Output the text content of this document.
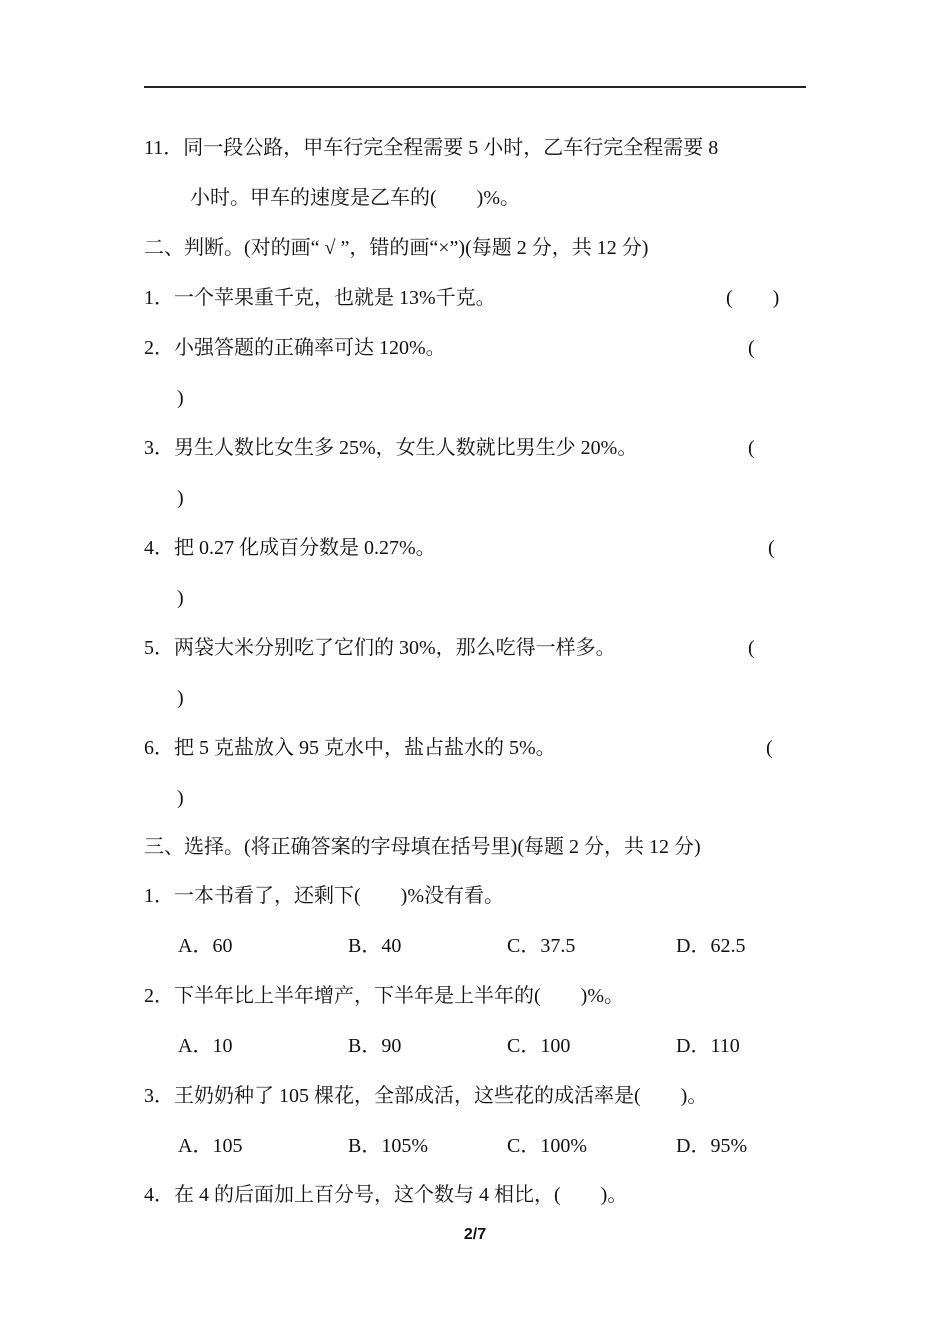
11．同一段公路，甲车行完全程需要 5 小时，乙车行完全程需要 8
小时。甲车的速度是乙车的(　　)%。
二、判断。(对的画“ √ ”，错的画“×”)(每题 2 分，共 12 分)
1．一个苹果重千克，也就是 13%千克。	(　　)
2．小强答题的正确率可达 120%。	(
)
3．男生人数比女生多 25%，女生人数就比男生少 20%。	(
)
4．把 0.27 化成百分数是 0.27%。	(
)
5．两袋大米分别吃了它们的 30%，那么吃得一样多。	(
)
6．把 5 克盐放入 95 克水中，盐占盐水的 5%。	(
)
三、选择。(将正确答案的字母填在括号里)(每题 2 分，共 12 分)
1．一本书看了，还剩下(　　)%没有看。
A．60	B．40	C．37.5	D．62.5
2．下半年比上半年增产，下半年是上半年的(　　)%。
A．10	B．90	C．100	D．110
3．王奶奶种了 105 棵花，全部成活，这些花的成活率是(　　)。
A．105	B．105%	C．100%	D．95%
4．在 4 的后面加上百分号，这个数与 4 相比，(　　)。
2/7
